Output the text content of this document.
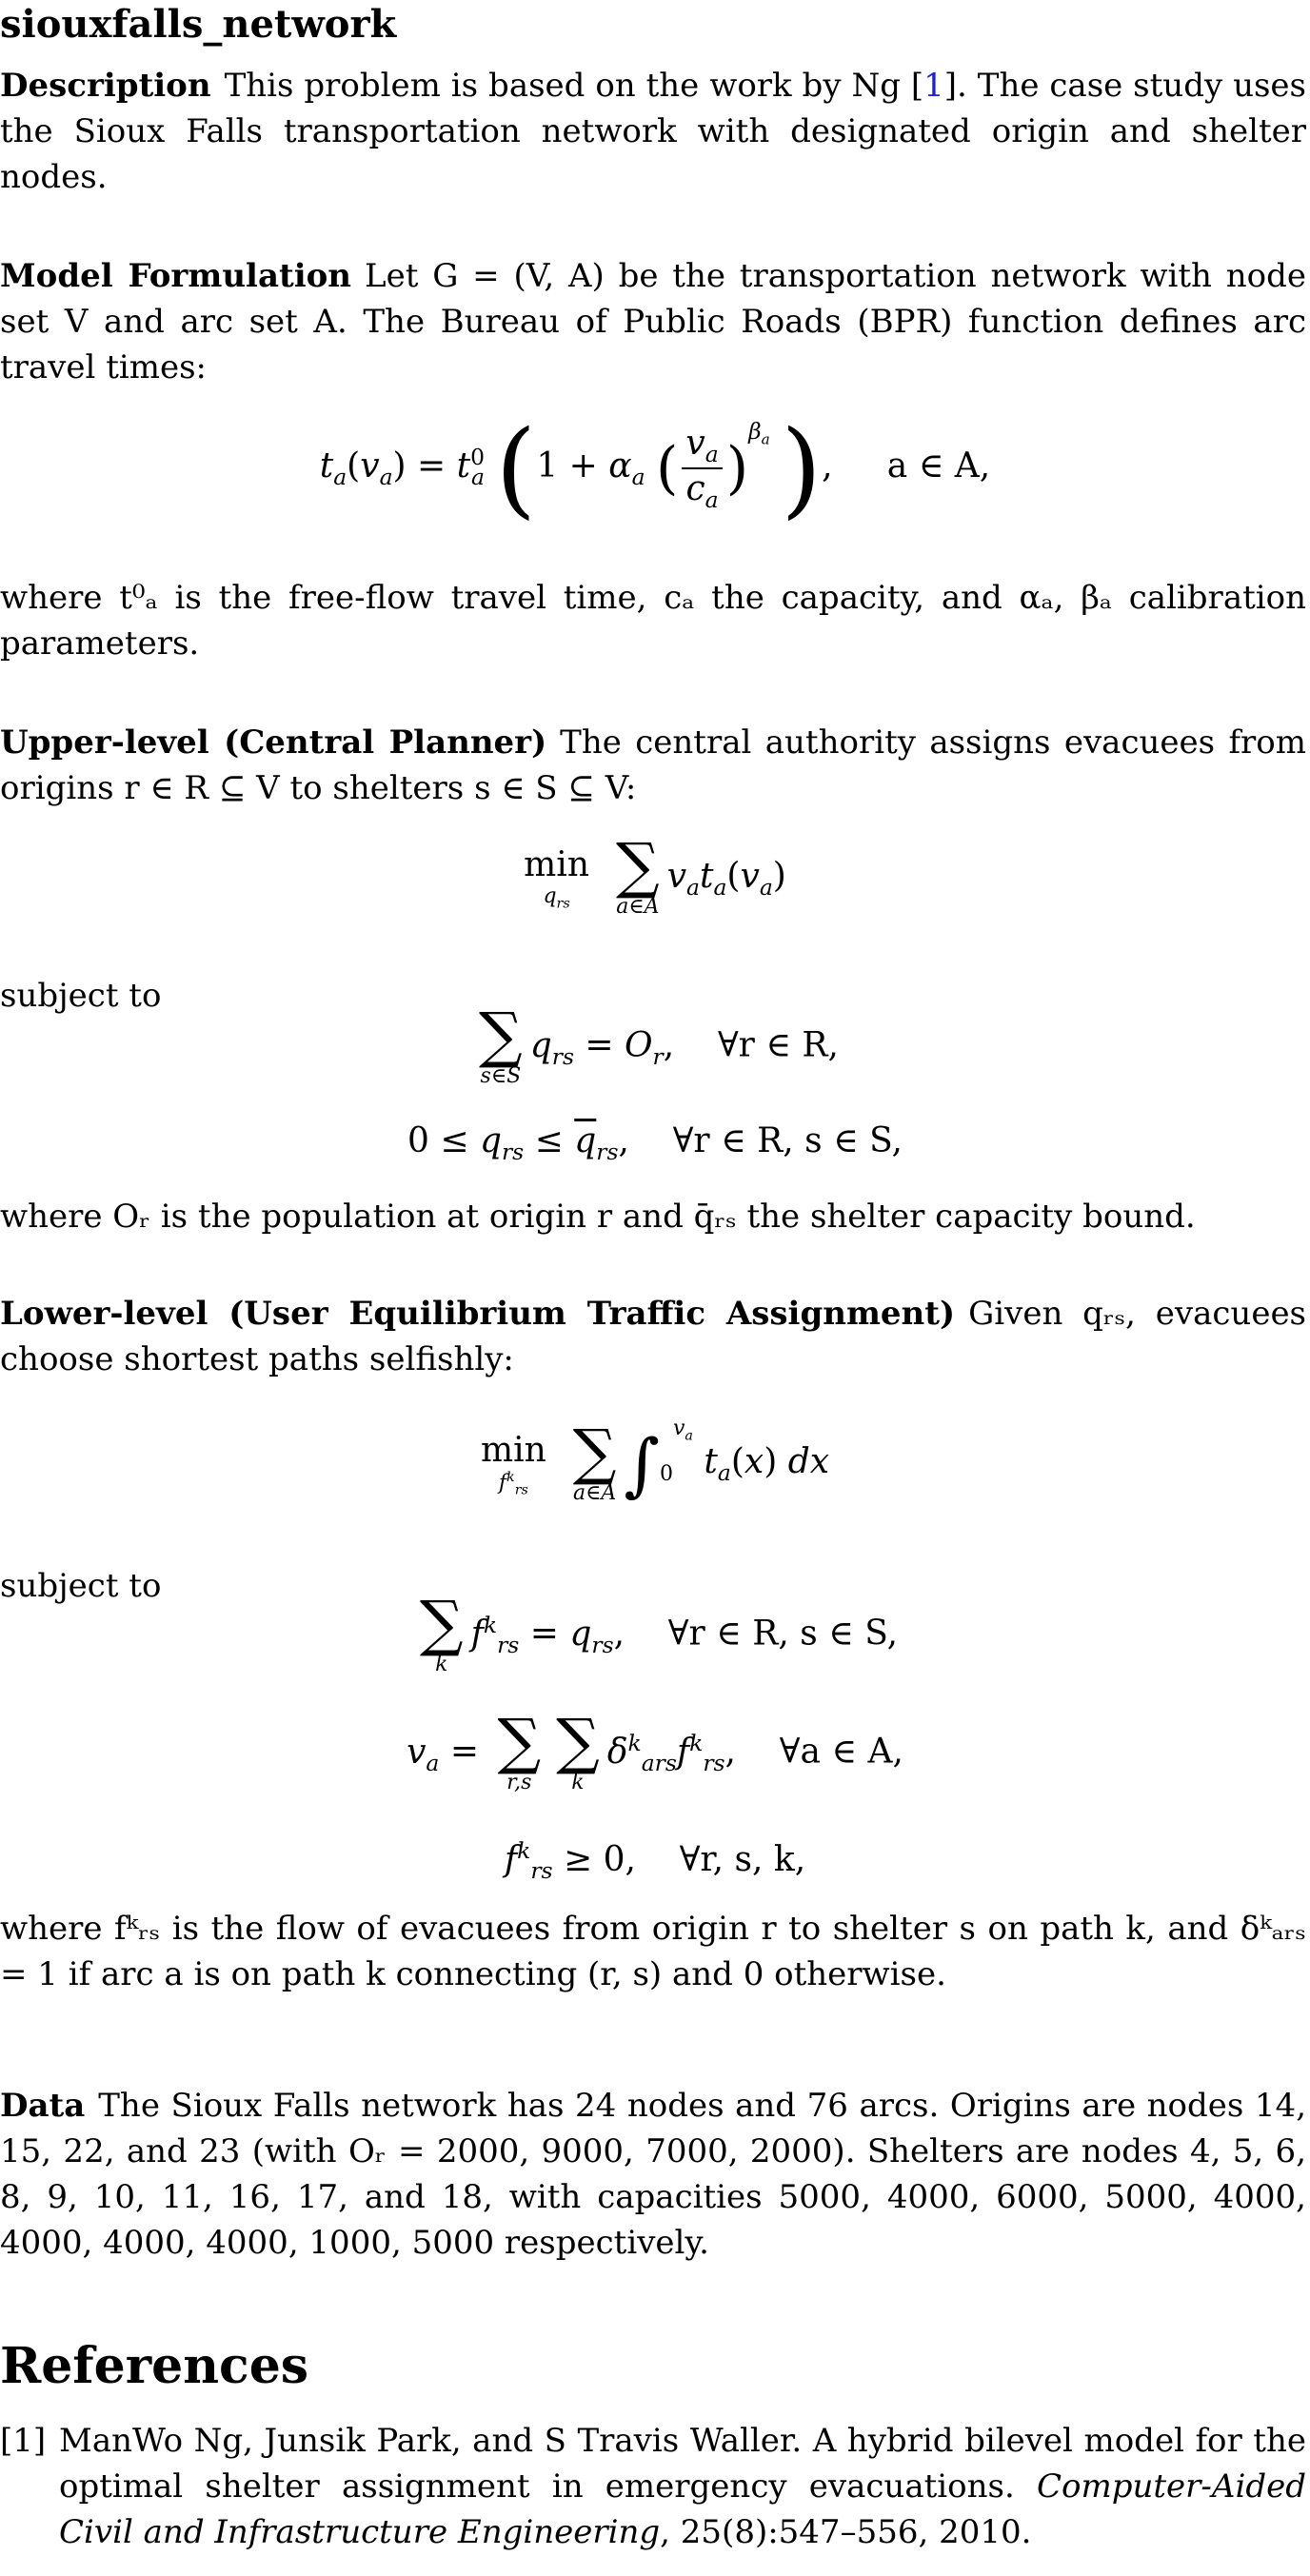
siouxfalls_network
Description This problem is based on the work by Ng [1]. The case study uses the Sioux Falls transportation network with designated origin and shelter nodes.
Model Formulation Let G = (V, A) be the transportation network with node set V and arc set A. The Bureau of Public Roads (BPR) function defines arc travel times:
$t_a(v_a) = t^0_a$ ($1 + \alpha_a$ ( $\frac{v_a}{c_a} )^{\beta_a}$ ),     a ∈ A,
where t⁰ₐ is the free-flow travel time, cₐ the capacity, and αₐ, βₐ calibration parameters.
Upper-level (Central Planner) The central authority assigns evacuees from origins r ∈ R ⊆ V to shelters s ∈ S ⊆ V:
min
$q_{rs}$
∑
a∈A
$v_at_a(v_a)$
subject to
∑
s∈S
$q_{rs} = O_r$,    ∀r ∈ R,
$0 \le q_{rs} \le \overline{q}_{rs}$,    ∀r ∈ R, s ∈ S,
where Oᵣ is the population at origin r and q̄ᵣₛ the shelter capacity bound.
Lower-level (User Equilibrium Traffic Assignment) Given qᵣₛ, evacuees choose shortest paths selfishly:
min
$f^k_{rs}$
∑
a∈A $\int_0^{v_a}$ $t_a(x)$ dx
subject to
∑
k
$f^k_{rs} = q_{rs}$,    ∀r ∈ R, s ∈ S,
$v_a$ = ∑
r,s
∑
k
$\delta^k_{ars}f^k_{rs}$,    ∀a ∈ A,
$f^k_{rs} \ge 0$,    ∀r, s, k,
where fᵏᵣₛ is the flow of evacuees from origin r to shelter s on path k, and δᵏₐᵣₛ = 1 if arc a is on path k connecting (r, s) and 0 otherwise.
Data The Sioux Falls network has 24 nodes and 76 arcs. Origins are nodes 14, 15, 22, and 23 (with Oᵣ = 2000, 9000, 7000, 2000). Shelters are nodes 4, 5, 6, 8, 9, 10, 11, 16, 17, and 18, with capacities 5000, 4000, 6000, 5000, 4000, 4000, 4000, 4000, 1000, 5000 respectively.
References
[1] ManWo Ng, Junsik Park, and S Travis Waller. A hybrid bilevel model for the optimal shelter assignment in emergency evacuations. Computer-Aided Civil and Infrastructure Engineering, 25(8):547–556, 2010.
